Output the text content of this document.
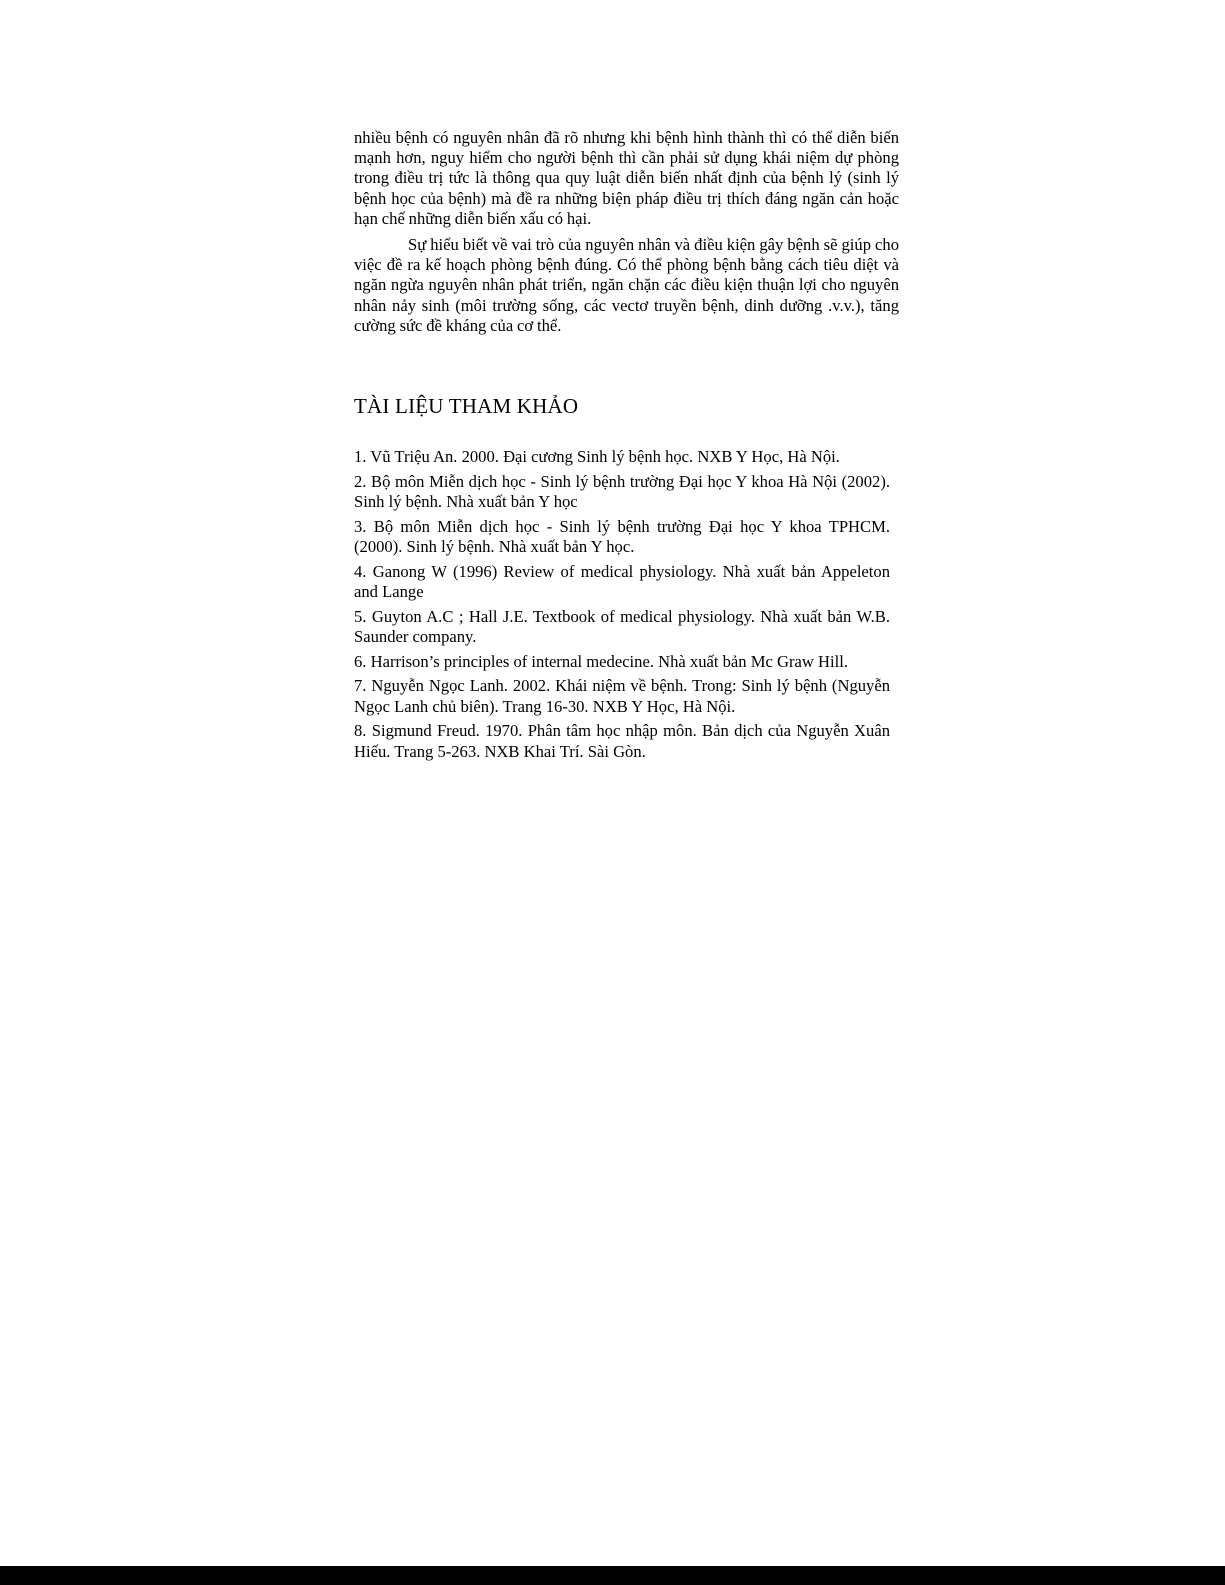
nhiều bệnh có nguyên nhân đã rõ nhưng khi bệnh hình thành thì có thể diễn biến mạnh hơn, nguy hiểm cho người bệnh thì cần phải sử dụng khái niệm dự phòng trong điều trị tức là thông qua quy luật diễn biến nhất định của bệnh lý (sinh lý bệnh học của bệnh) mà đề ra những biện pháp điều trị thích đáng ngăn cản hoặc hạn chế những diễn biến xấu có hại.

Sự hiểu biết về vai trò của nguyên nhân và điều kiện gây bệnh sẽ giúp cho việc đề ra kế hoạch phòng bệnh đúng. Có thể phòng bệnh bằng cách tiêu diệt và ngăn ngừa nguyên nhân phát triển, ngăn chặn các điều kiện thuận lợi cho nguyên nhân nảy sinh (môi trường sống, các vectơ truyền bệnh, dinh dưỡng .v.v.), tăng cường sức đề kháng của cơ thể.

TÀI LIỆU THAM KHẢO
1. Vũ Triệu An. 2000. Đại cương Sinh lý bệnh học. NXB Y Học, Hà Nội.
2. Bộ môn Miễn dịch học - Sinh lý bệnh trường Đại học Y khoa Hà Nội (2002). Sinh lý bệnh. Nhà xuất bản Y học
3. Bộ môn Miễn dịch học - Sinh lý bệnh trường Đại học Y khoa TPHCM. (2000). Sinh lý bệnh. Nhà xuất bản Y học.
4. Ganong W (1996) Review of medical physiology. Nhà xuất bản Appeleton and Lange
5. Guyton A.C ; Hall J.E. Textbook of medical physiology. Nhà xuất bản W.B. Saunder company.
6. Harrison’s principles of internal medecine. Nhà xuất bản Mc Graw Hill.
7. Nguyễn Ngọc Lanh. 2002. Khái niệm về bệnh. Trong: Sinh lý bệnh (Nguyễn Ngọc Lanh chủ biên). Trang 16-30. NXB Y Học, Hà Nội.
8. Sigmund Freud. 1970. Phân tâm học nhập môn. Bản dịch của Nguyễn Xuân Hiếu. Trang 5-263. NXB Khai Trí. Sài Gòn.
